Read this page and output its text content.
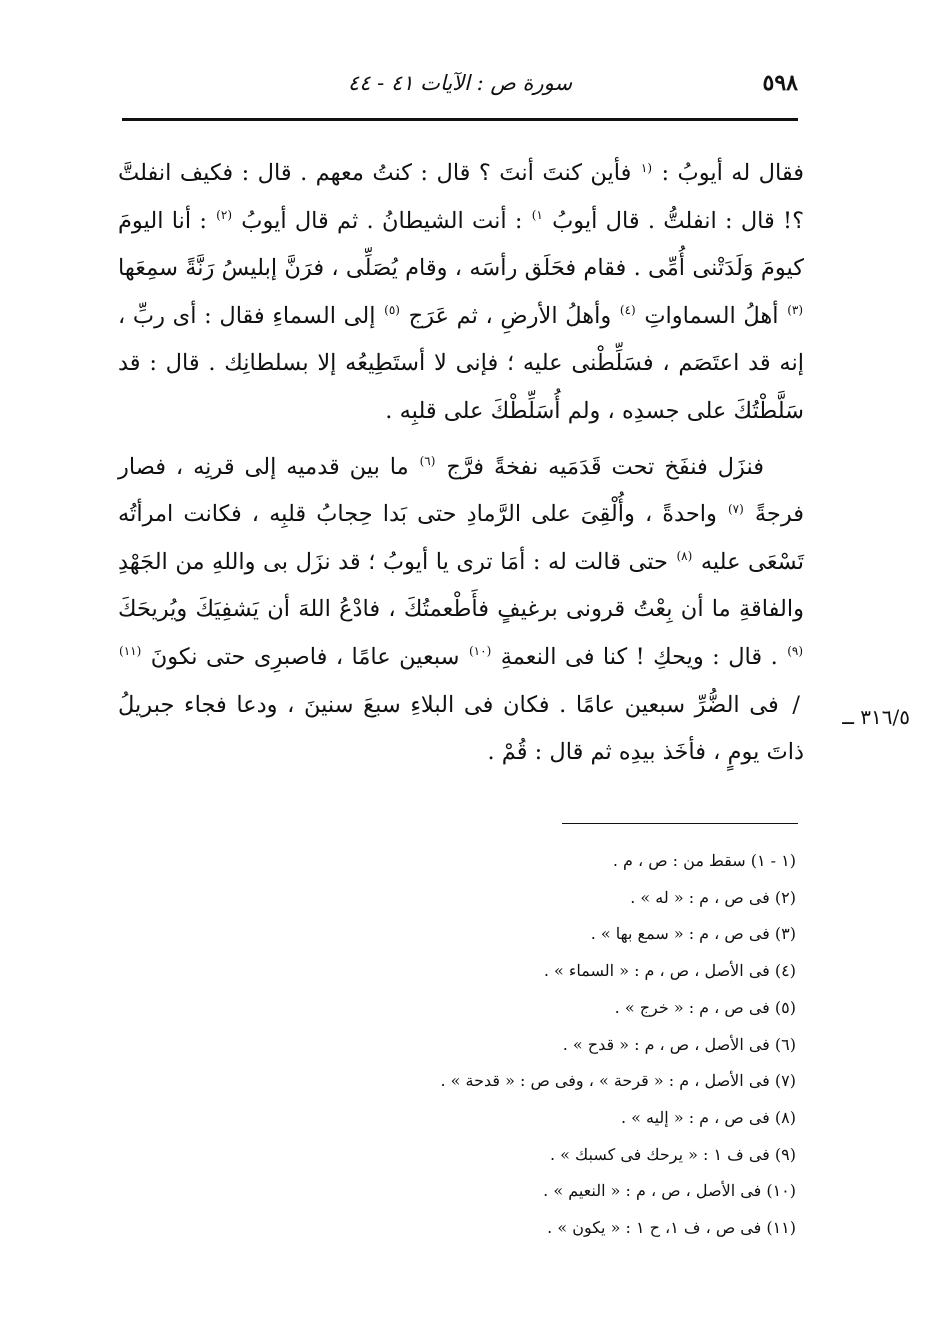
٥٩٨
سورة ص : الآيات ٤١ - ٤٤

فقال له أيوبُ : $^{(١}$ فأين كنتَ أنتَ ؟ قال : كنتُ معهم . قال : فكيف انفلتَّ ؟! قال : انفلتُّ . قال أيوبُ $^{١)}$ : أنت الشيطانُ . ثم قال أيوبُ $^{(٢)}$ : أنا اليومَ كيومَ وَلَدَتْنى أُمِّى . فقام فحَلَق رأسَه ، وقام يُصَلِّى ، فرَنَّ إبليسُ رَنَّةً سمِعَها $^{(٣)}$ أهلُ السماواتِ $^{(٤)}$ وأهلُ الأرضِ ، ثم عَرَج $^{(٥)}$ إلى السماءِ فقال : أى ربِّ ، إنه قد اعتَصَم ، فسَلِّطْنى عليه ؛ فإنى لا أستَطِيعُه إلا بسلطانِك . قال : قد سَلَّطْتُكَ على جسدِه ، ولم أُسَلِّطْكَ على قلبِه .

فنزَل فنفَخ تحت قَدَمَيه نفخةً فرَّج $^{(٦)}$ ما بين قدميه إلى قرنِه ، فصار فرجةً $^{(٧)}$ واحدةً ، وأُلْقِىَ على الرَّمادِ حتى بَدا حِجابُ قلبِه ، فكانت امرأتُه تَسْعَى عليه $^{(٨)}$ حتى قالت له : أمَا ترى يا أيوبُ ؛ قد نزَل بى واللهِ من الجَهْدِ والفاقةِ ما أن بِعْتُ قرونى برغيفٍ فأَطْعمتُكَ ، فادْعُ اللهَ أن يَشفِيَكَ ويُريحَكَ $^{(٩)}$ . قال : ويحكِ ! كنا فى النعمةِ $^{(١٠)}$ سبعين عامًا ، فاصبرِى حتى نكونَ $^{(١١)}$ / فى الضُّرِّ سبعين عامًا . فكان فى البلاءِ سبعَ سنينَ ، ودعا فجاء جبريلُ ذاتَ يومٍ ، فأخَذ بيدِه ثم قال : قُمْ .

٣١٦/٥ ــ
(١ - ١) سقط من : ص ، م .
(٢) فى ص ، م : « له » .
(٣) فى ص ، م : « سمع بها » .
(٤) فى الأصل ، ص ، م : « السماء » .
(٥) فى ص ، م : « خرج » .
(٦) فى الأصل ، ص ، م : « قدح » .
(٧) فى الأصل ، م : « قرحة » ، وفى ص : « قدحة » .
(٨) فى ص ، م : « إليه » .
(٩) فى ف ١ : « يرحك فى كسبك » .
(١٠) فى الأصل ، ص ، م : « النعيم » .
(١١) فى ص ، ف ١، ح ١ : « يكون » .
